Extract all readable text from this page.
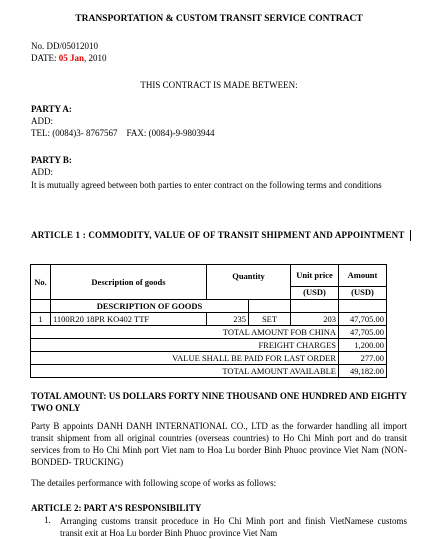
TRANSPORTATION & CUSTOM TRANSIT SERVICE CONTRACT
No. DD/05012010
DATE: 05 Jan, 2010
THIS CONTRACT IS MADE BETWEEN:
PARTY A:
ADD:
TEL: (0084)3- 8767567    FAX: (0084)-9-9803944
PARTY B:
ADD:
It is mutually agreed between both parties to enter contract on the following terms and conditions
ARTICLE 1 : COMMODITY, VALUE OF OF TRANSIT SHIPMENT AND APPOINTMENT
No.	Description of goods	Quantity		Unit price	Amount
				(USD)	(USD)
	DESCRIPTION OF GOODS				
1	1100R20 18PR KO402 TTF	235	SET	203	47,705.00
TOTAL AMOUNT FOB CHINA					47,705.00
FREIGHT CHARGES					1,200.00
VALUE SHALL BE PAID FOR LAST ORDER					277.00
TOTAL AMOUNT AVAILABLE					49,182.00
TOTAL AMOUNT: US DOLLARS FORTY NINE THOUSAND ONE HUNDRED AND EIGHTY TWO ONLY
Party B appoints DANH DANH INTERNATIONAL CO., LTD as the forwarder handling all import transit shipment from all original countries (overseas countries) to Ho Chi Minh port and do transit services from to Ho Chi Minh port Viet nam to Hoa Lu border Binh Phuoc province Viet Nam (NON- BONDED- TRUCKING)
The detailes performance with following scope of works as follows:
ARTICLE 2: PART A’S RESPONSIBILITY
1. Arranging customs transit proceduce in Ho Chi Minh port and finish VietNamese customs transit exit at Hoa Lu border Binh Phuoc province Viet Nam
